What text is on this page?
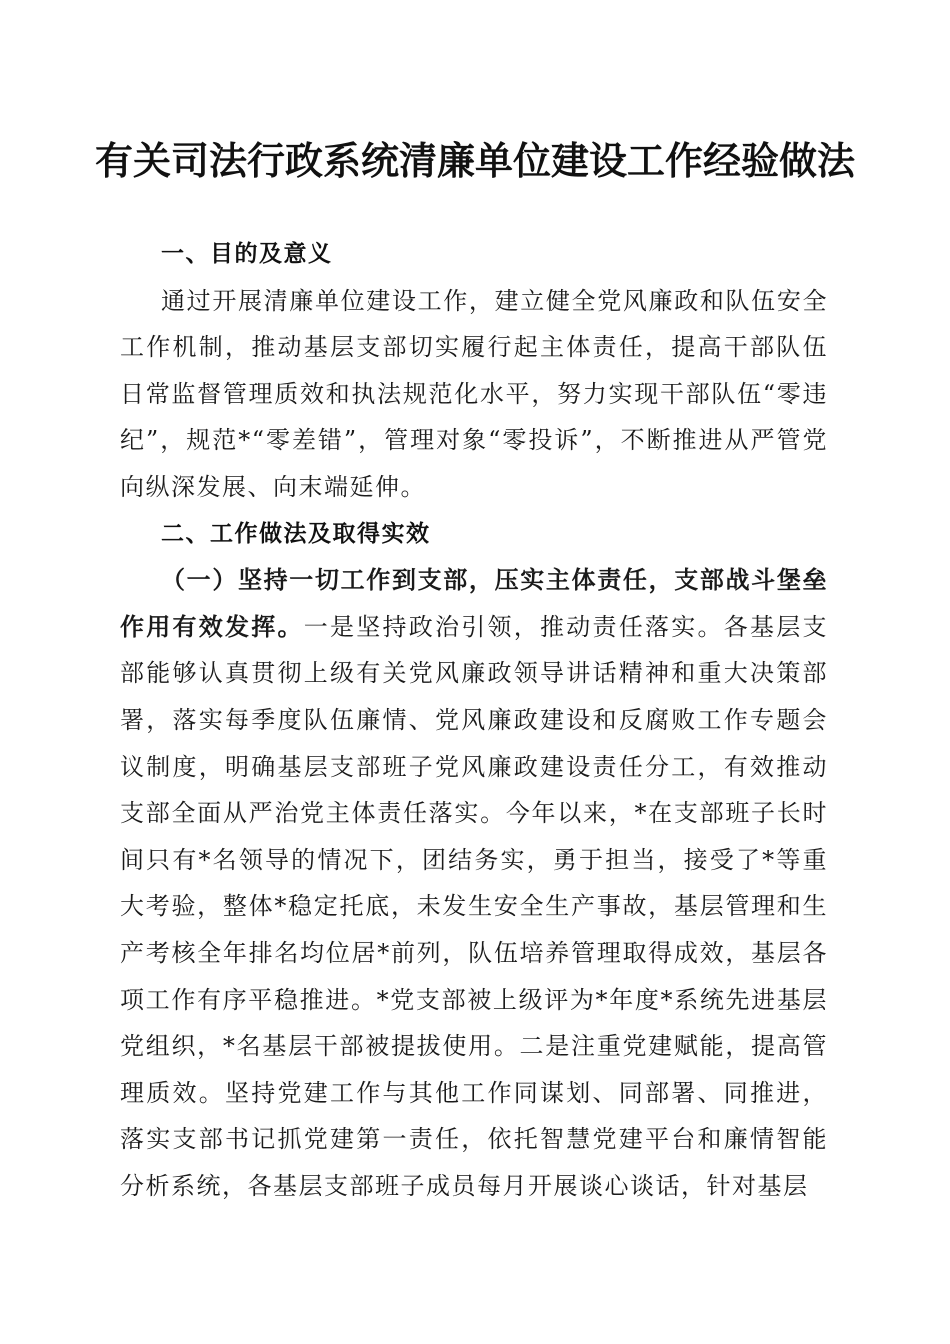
有关司法行政系统清廉单位建设工作经验做法

一、目的及意义

通过开展清廉单位建设工作，建立健全党风廉政和队伍安全工作机制，推动基层支部切实履行起主体责任，提高干部队伍日常监督管理质效和执法规范化水平，努力实现干部队伍“零违纪”，规范*“零差错”，管理对象“零投诉”，不断推进从严管党向纵深发展、向末端延伸。

二、工作做法及取得实效

（一）坚持一切工作到支部，压实主体责任，支部战斗堡垒作用有效发挥。一是坚持政治引领，推动责任落实。各基层支部能够认真贯彻上级有关党风廉政领导讲话精神和重大决策部署，落实每季度队伍廉情、党风廉政建设和反腐败工作专题会议制度，明确基层支部班子党风廉政建设责任分工，有效推动支部全面从严治党主体责任落实。今年以来，*在支部班子长时间只有*名领导的情况下，团结务实，勇于担当，接受了*等重大考验，整体*稳定托底，未发生安全生产事故，基层管理和生产考核全年排名均位居*前列，队伍培养管理取得成效，基层各项工作有序平稳推进。*党支部被上级评为*年度*系统先进基层党组织，*名基层干部被提拔使用。二是注重党建赋能，提高管理质效。坚持党建工作与其他工作同谋划、同部署、同推进，落实支部书记抓党建第一责任，依托智慧党建平台和廉情智能分析系统，各基层支部班子成员每月开展谈心谈话，针对基层
